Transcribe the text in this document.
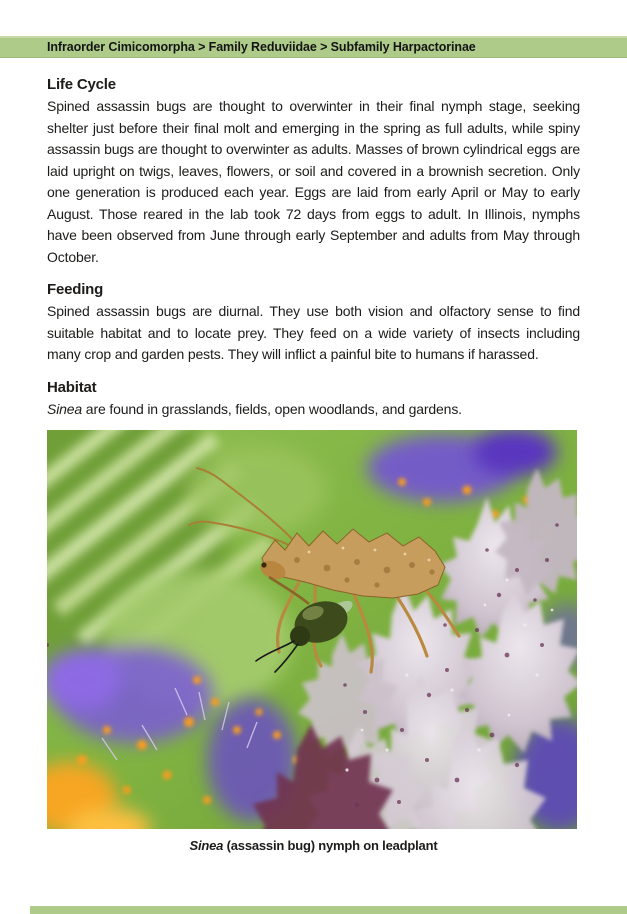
Infraorder Cimicomorpha > Family Reduviidae > Subfamily Harpactorinae
Life Cycle

Spined assassin bugs are thought to overwinter in their final nymph stage, seeking shelter just before their final molt and emerging in the spring as full adults, while spiny assassin bugs are thought to overwinter as adults. Masses of brown cylindrical eggs are laid upright on twigs, leaves, flowers, or soil and covered in a brownish secretion. Only one generation is produced each year. Eggs are laid from early April or May to early August. Those reared in the lab took 72 days from eggs to adult. In Illinois, nymphs have been observed from June through early September and adults from May through October.

Feeding

Spined assassin bugs are diurnal. They use both vision and olfactory sense to find suitable habitat and to locate prey. They feed on a wide variety of insects including many crop and garden pests. They will inflict a painful bite to humans if harassed.

Habitat

Sinea are found in grasslands, fields, open woodlands, and gardens.

Sinea (assassin bug) nymph on leadplant
